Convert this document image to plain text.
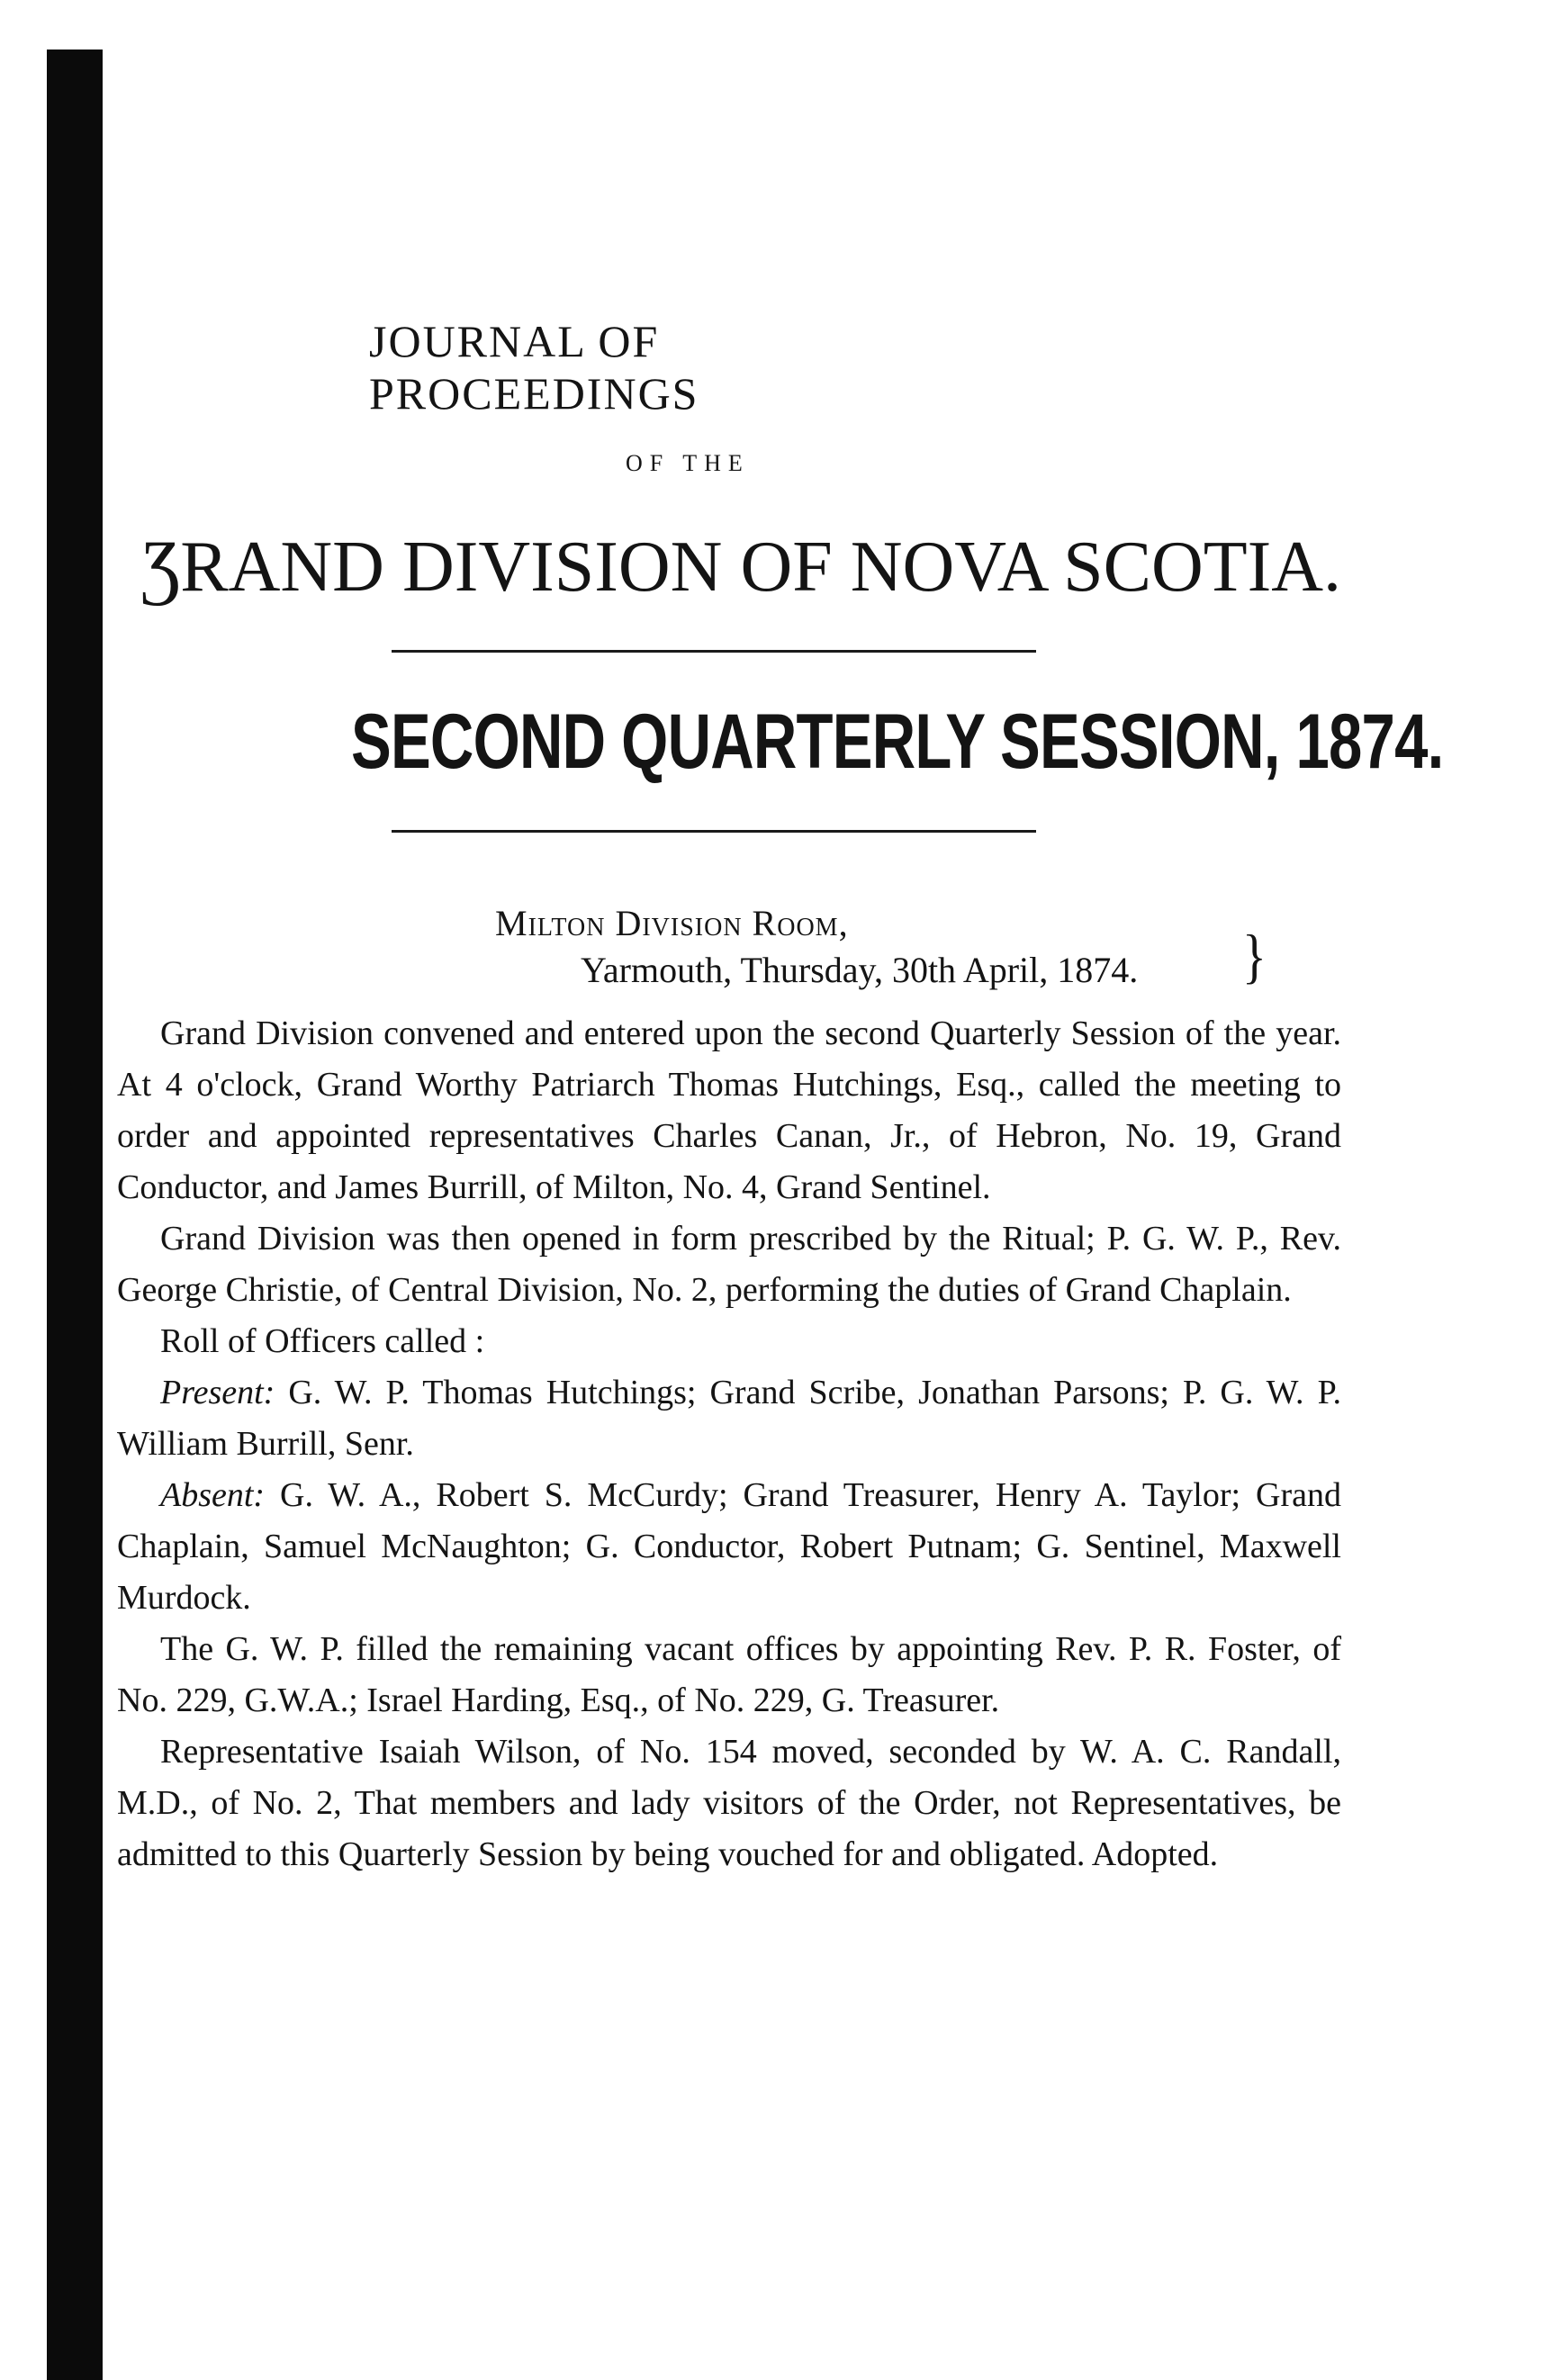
JOURNAL OF PROCEEDINGS
OF THE
ƷRAND DIVISION OF NOVA SCOTIA.
SECOND QUARTERLY SESSION, 1874.
Milton Division Room,
Yarmouth, Thursday, 30th April, 1874.	}

Grand Division convened and entered upon the second Quarterly Session of the year. At 4 o'clock, Grand Worthy Patriarch Thomas Hutchings, Esq., called the meeting to order and appointed representatives Charles Canan, Jr., of Hebron, No. 19, Grand Conductor, and James Burrill, of Milton, No. 4, Grand Sentinel.

Grand Division was then opened in form prescribed by the Ritual; P. G. W. P., Rev. George Christie, of Central Division, No. 2, performing the duties of Grand Chaplain.

Roll of Officers called :

Present: G. W. P. Thomas Hutchings; Grand Scribe, Jonathan Parsons; P. G. W. P. William Burrill, Senr.

Absent: G. W. A., Robert S. McCurdy; Grand Treasurer, Henry A. Taylor; Grand Chaplain, Samuel McNaughton; G. Conductor, Robert Putnam; G. Sentinel, Maxwell Murdock.

The G. W. P. filled the remaining vacant offices by appointing Rev. P. R. Foster, of No. 229, G.W.A.; Israel Harding, Esq., of No. 229, G. Treasurer.

Representative Isaiah Wilson, of No. 154 moved, seconded by W. A. C. Randall, M.D., of No. 2, That members and lady visitors of the Order, not Representatives, be admitted to this Quarterly Session by being vouched for and obligated. Adopted.
